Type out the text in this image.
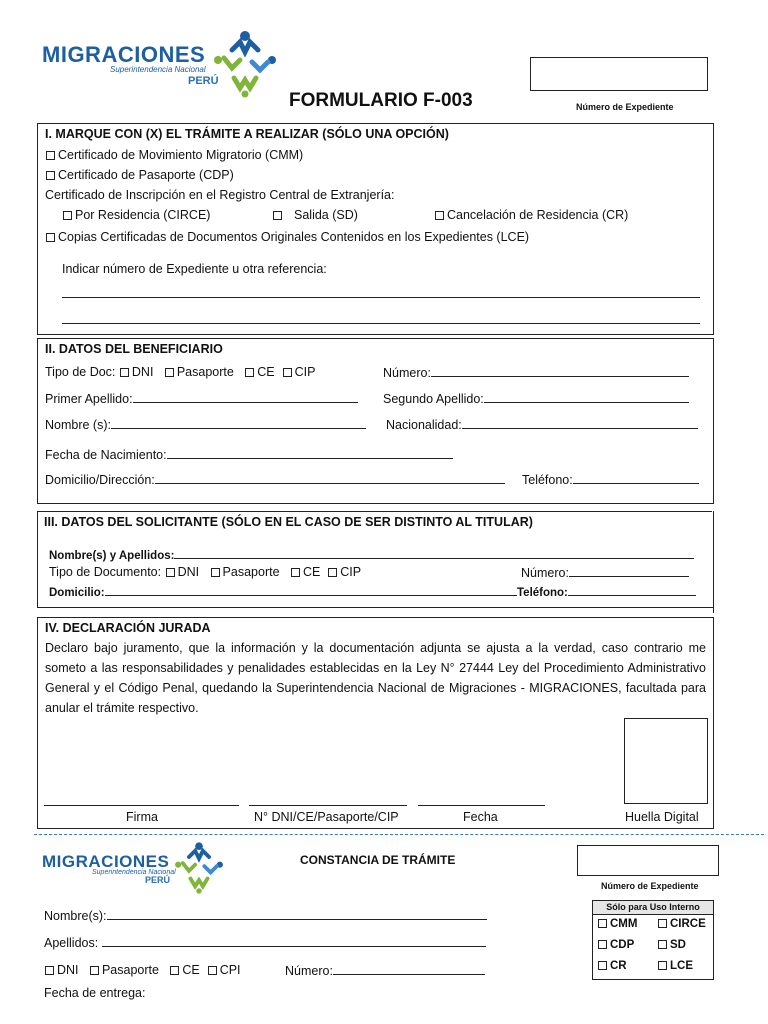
MIGRACIONES
Superintendencia Nacional
PERÚ
FORMULARIO F-003	Número de Expediente
I. MARQUE CON (X) EL TRÁMITE A REALIZAR (SÓLO UNA OPCIÓN)
Certificado de Movimiento Migratorio (CMM)
Certificado de Pasaporte (CDP)
Certificado de Inscripción en el Registro Central de Extranjería:
Por Residencia (CIRCE)	Salida (SD)	Cancelación de Residencia (CR)
Copias Certificadas de Documentos Originales Contenidos en los Expedientes (LCE)
Indicar número de Expediente u otra referencia:
II. DATOS DEL BENEFICIARIO
Tipo de Doc: DNI Pasaporte CE CIP	Número:
Primer Apellido:	Segundo Apellido:
Nombre (s):	Nacionalidad:
Fecha de Nacimiento:
Domicilio/Dirección:	Teléfono:
III. DATOS DEL SOLICITANTE (SÓLO EN EL CASO DE SER DISTINTO AL TITULAR)
Nombre(s) y Apellidos:
Tipo de Documento: DNI Pasaporte CE CIP	Número:
Domicilio:	Teléfono:
IV. DECLARACIÓN JURADA
Declaro bajo juramento, que la información y la documentación adjunta se ajusta a la verdad, caso contrario me someto a las responsabilidades y penalidades establecidas en la Ley N° 27444 Ley del Procedimiento Administrativo General y el Código Penal, quedando la Superintendencia Nacional de Migraciones - MIGRACIONES, facultada para anular el trámite respectivo.
Firma	N° DNI/CE/Pasaporte/CIP	Fecha	Huella Digital
MIGRACIONES
Superintendencia Nacional
PERÚ
CONSTANCIA DE TRÁMITE
Número de Expediente
Nombre(s):
Apellidos:
DNI Pasaporte CE CPI	Número:
Fecha de entrega:
Sólo para Uso Interno
CMM	CIRCE
CDP	SD
CR	LCE
